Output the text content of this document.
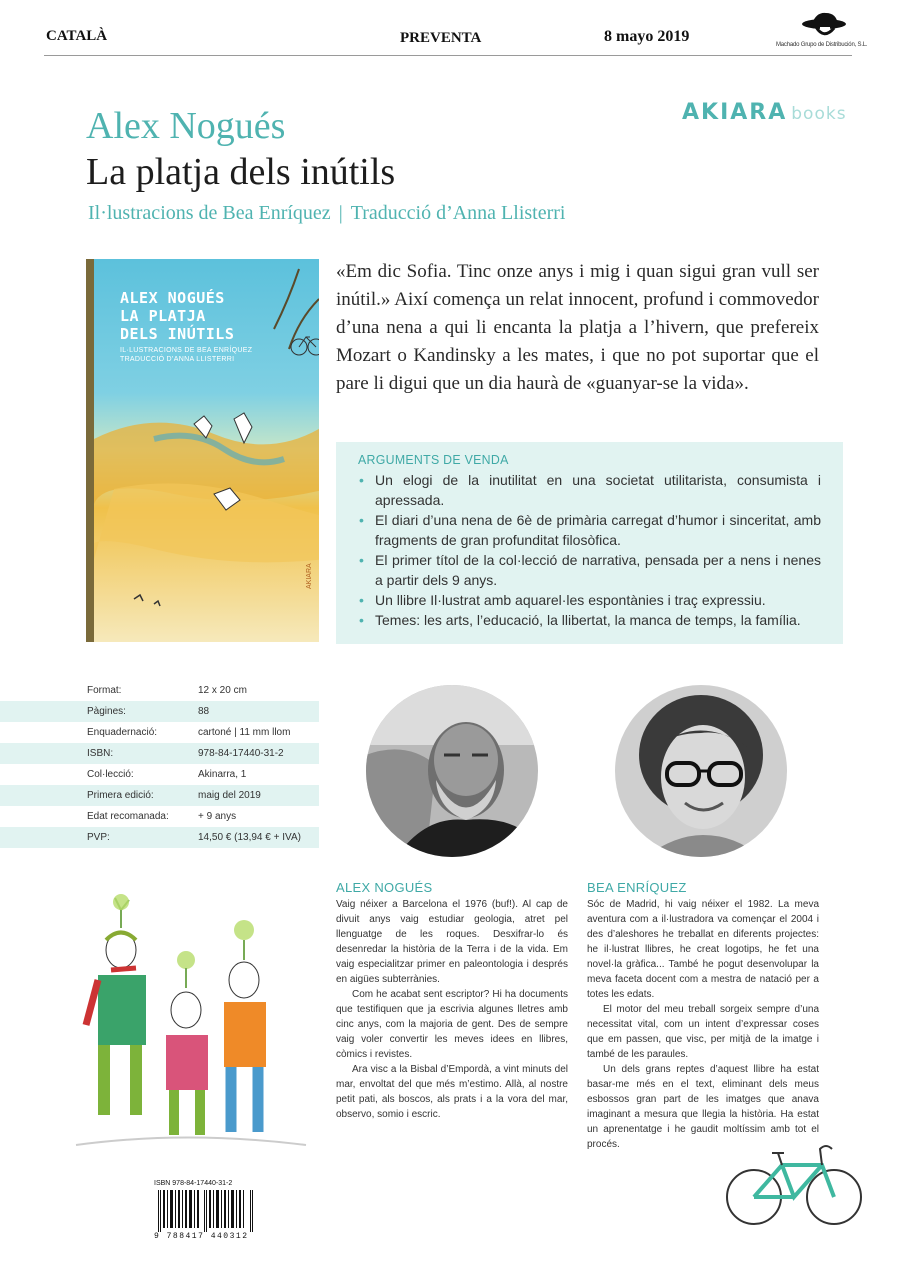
CATALÀ	PREVENTA	8 mayo 2019	Machado Grupo de Distribución, S.L.
Alex Nogués
La platja dels inútils
Il·lustracions de Bea Enríquez | Traducció d’Anna Llisterri
AKIARA books
ALEX NOGUÉS
LA PLATJA
DELS INÚTILS
IL·LUSTRACIONS DE BEA ENRÍQUEZ
TRADUCCIÓ D’ANNA LLISTERRI
AKIARA

«Em dic Sofia. Tinc onze anys i mig i quan sigui gran vull ser inútil.» Així comença un relat innocent, profund i commovedor d’una nena a qui li encanta la platja a l’hivern, que prefereix Mozart o Kandinsky a les mates, i que no pot suportar que el pare li digui que un dia haurà de «guanyar-se la vida».

ARGUMENTS DE VENDA
• Un elogi de la inutilitat en una societat utilitarista, consumista i apressada.
• El diari d’una nena de 6è de primària carregat d’humor i sinceritat, amb fragments de gran profunditat filosòfica.
• El primer títol de la col·lecció de narrativa, pensada per a nens i nenes a partir dels 9 anys.
• Un llibre Il·lustrat amb aquarel·les espontànies i traç expressiu.
• Temes: les arts, l’educació, la llibertat, la manca de temps, la família.
Format:	12 x 20 cm
Pàgines:	88
Enquadernació:	cartoné | 11 mm llom
ISBN:	978-84-17440-31-2
Col·lecció:	Akinarra, 1
Primera edició:	maig del 2019
Edat recomanada:	+ 9 anys
PVP:	14,50 € (13,94 € + IVA)
ALEX NOGUÉS

Vaig néixer a Barcelona el 1976 (buf!). Al cap de divuit anys vaig estudiar geologia, atret pel llenguatge de les roques. Desxifrar-lo és desenredar la història de la Terra i de la vida. Em vaig especialitzar primer en paleontologia i després en aigües subterrànies.

Com he acabat sent escriptor? Hi ha documents que testifiquen que ja escrivia algunes lletres amb cinc anys, com la majoria de gent. Des de sempre vaig voler convertir les meves idees en llibres, còmics i revistes.

Ara visc a la Bisbal d’Empordà, a vint minuts del mar, envoltat del que més m’estimo. Allà, al nostre petit pati, als boscos, als prats i a la vora del mar, observo, somio i escric.

BEA ENRÍQUEZ

Sóc de Madrid, hi vaig néixer el 1982. La meva aventura com a il·lustradora va començar el 2004 i des d’aleshores he treballat en diferents projectes: he il·lustrat llibres, he creat logotips, he fet una novel·la gràfica... També he pogut desenvolupar la meva faceta docent com a mestra de natació per a totes les edats.

El motor del meu treball sorgeix sempre d’una necessitat vital, com un intent d’expressar coses que em passen, que visc, per mitjà de la imatge i també de les paraules.

Un dels grans reptes d’aquest llibre ha estat basar-me més en el text, eliminant dels meus esbossos gran part de les imatges que anava imaginant a mesura que llegia la història. Ha estat un aprenentatge i he gaudit moltíssim amb tot el procés.

ISBN 978-84-17440-31-2
9 788417 440312
